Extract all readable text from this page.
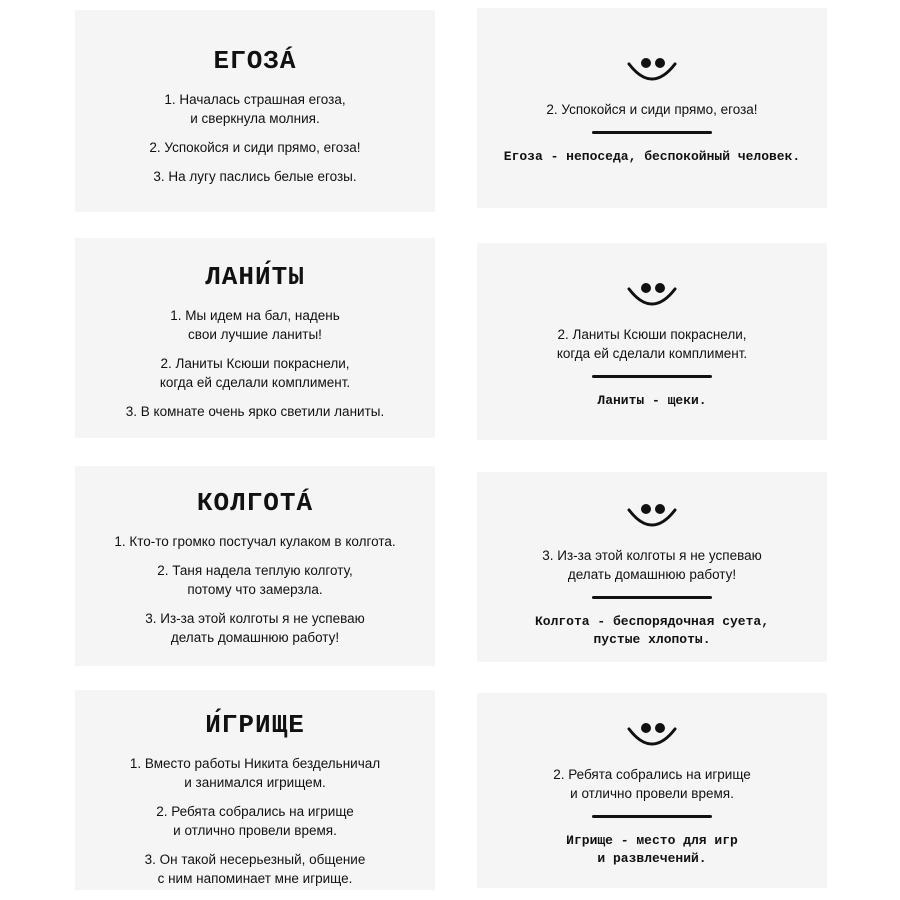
ЕГОЗÁ

1. Началась страшная егоза,
и сверкнула молния.

2. Успокойся и сиди прямо, егоза!

3. На лугу паслись белые егозы.

2. Успокойся и сиди прямо, егоза!

Егоза - непоседа, беспокойный человек.

ЛАНИ́ТЫ

1. Мы идем на бал, надень
свои лучшие ланиты!

2. Ланиты Ксюши покраснели,
когда ей сделали комплимент.

3. В комнате очень ярко светили ланиты.

2. Ланиты Ксюши покраснели,
когда ей сделали комплимент.

Ланиты - щеки.

КОЛГОТÁ

1. Кто-то громко постучал кулаком в колгота.

2. Таня надела теплую колготу,
потому что замерзла.

3. Из-за этой колготы я не успеваю
делать домашнюю работу!

3. Из-за этой колготы я не успеваю
делать домашнюю работу!

Колгота - беспорядочная суета,
пустые хлопоты.

И́ГРИЩЕ

1. Вместо работы Никита бездельничал
и занимался игрищем.

2. Ребята собрались на игрище
и отлично провели время.

3. Он такой несерьезный, общение
с ним напоминает мне игрище.

2. Ребята собрались на игрище
и отлично провели время.

Игрище - место для игр
и развлечений.
